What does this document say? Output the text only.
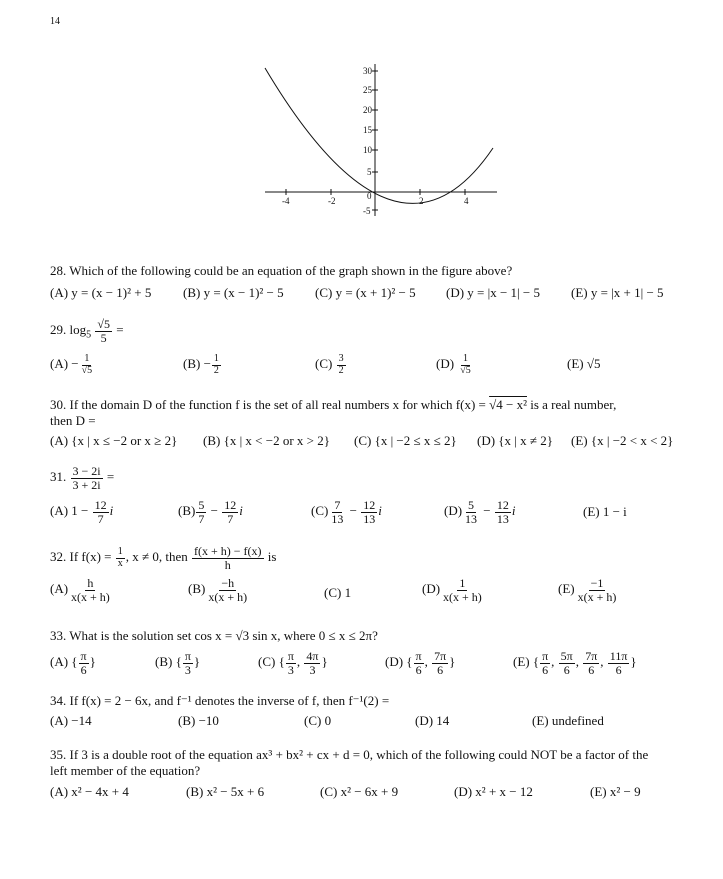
14
30
25
20
15
10
5
0
-5
-4	-2	2	4
28. Which of the following could be an equation of the graph shown in the figure above?
(A) y = (x − 1)² + 5 (B) y = (x − 1)² − 5 (C) y = (x + 1)² − 5 (D) y = |x − 1| − 5 (E) y = |x + 1| − 5
29. $\log_5 \frac{√5}{5}$ =
$(A) - \frac{1}{√5}$	$(B) - \frac{1}{2}$	$(C) \frac{3}{2}$	$(D) \frac{1}{√5}$	(E) √5
30. If the domain D of the function f is the set of all real numbers x for which f(x) = √4 − x² is a real number,
then D =
(A) {x | x ≤ −2 or x ≥ 2} (B) {x | x < −2 or x > 2} (C) {x | −2 ≤ x ≤ 2} (D) {x | x ≠ 2} (E) {x | −2 < x < 2}
31. $\frac{3 - 2i}{3 + 2i}$ =
(A) $1 - \frac{12}{7}$ i	$(B) \frac{5}{7} - \frac{12}{7}$ i	$(C) \frac{7}{13} - \frac{12}{13}$ i	$(D) \frac{5}{13} - \frac{12}{13}$ i	(E) 1 − i
32. If $f(x) = \frac{1}{x}$ , x ≠ 0, then $\frac{f(x + h) - f(x)}{h}$ is
$(A) \frac{h}{x(x + h)}$	$(B) \frac{-h}{x(x + h)}$	(C) 1	$(D) \frac{1}{x(x + h)}$	$(E) \frac{-1}{x(x + h)}$
33. What is the solution set cos x = √3 sin x, where 0 ≤ x ≤ 2π?
(A) { $\frac{\pi}{6}$ }	(B) { $\frac{\pi}{3}$ }	(C) { $\frac{\pi}{3}$ , $\frac{4\pi}{3}$ }	(D) { $\frac{\pi}{6}$ , $\frac{7\pi}{6}$ }	(E) { $\frac{\pi}{6}$ , $\frac{5\pi}{6}$ , $\frac{7\pi}{6}$ , $\frac{11\pi}{6}$ }
34. If f(x) = 2 − 6x, and f⁻¹ denotes the inverse of f, then f⁻¹(2) =
(A) −14	(B) −10	(C) 0	(D) 14	(E) undefined
35. If 3 is a double root of the equation ax³ + bx² + cx + d = 0, which of the following could NOT be a factor of the
left member of the equation?
(A) x² − 4x + 4	(B) x² − 5x + 6	(C) x² − 6x + 9	(D) x² + x − 12	(E) x² − 9
